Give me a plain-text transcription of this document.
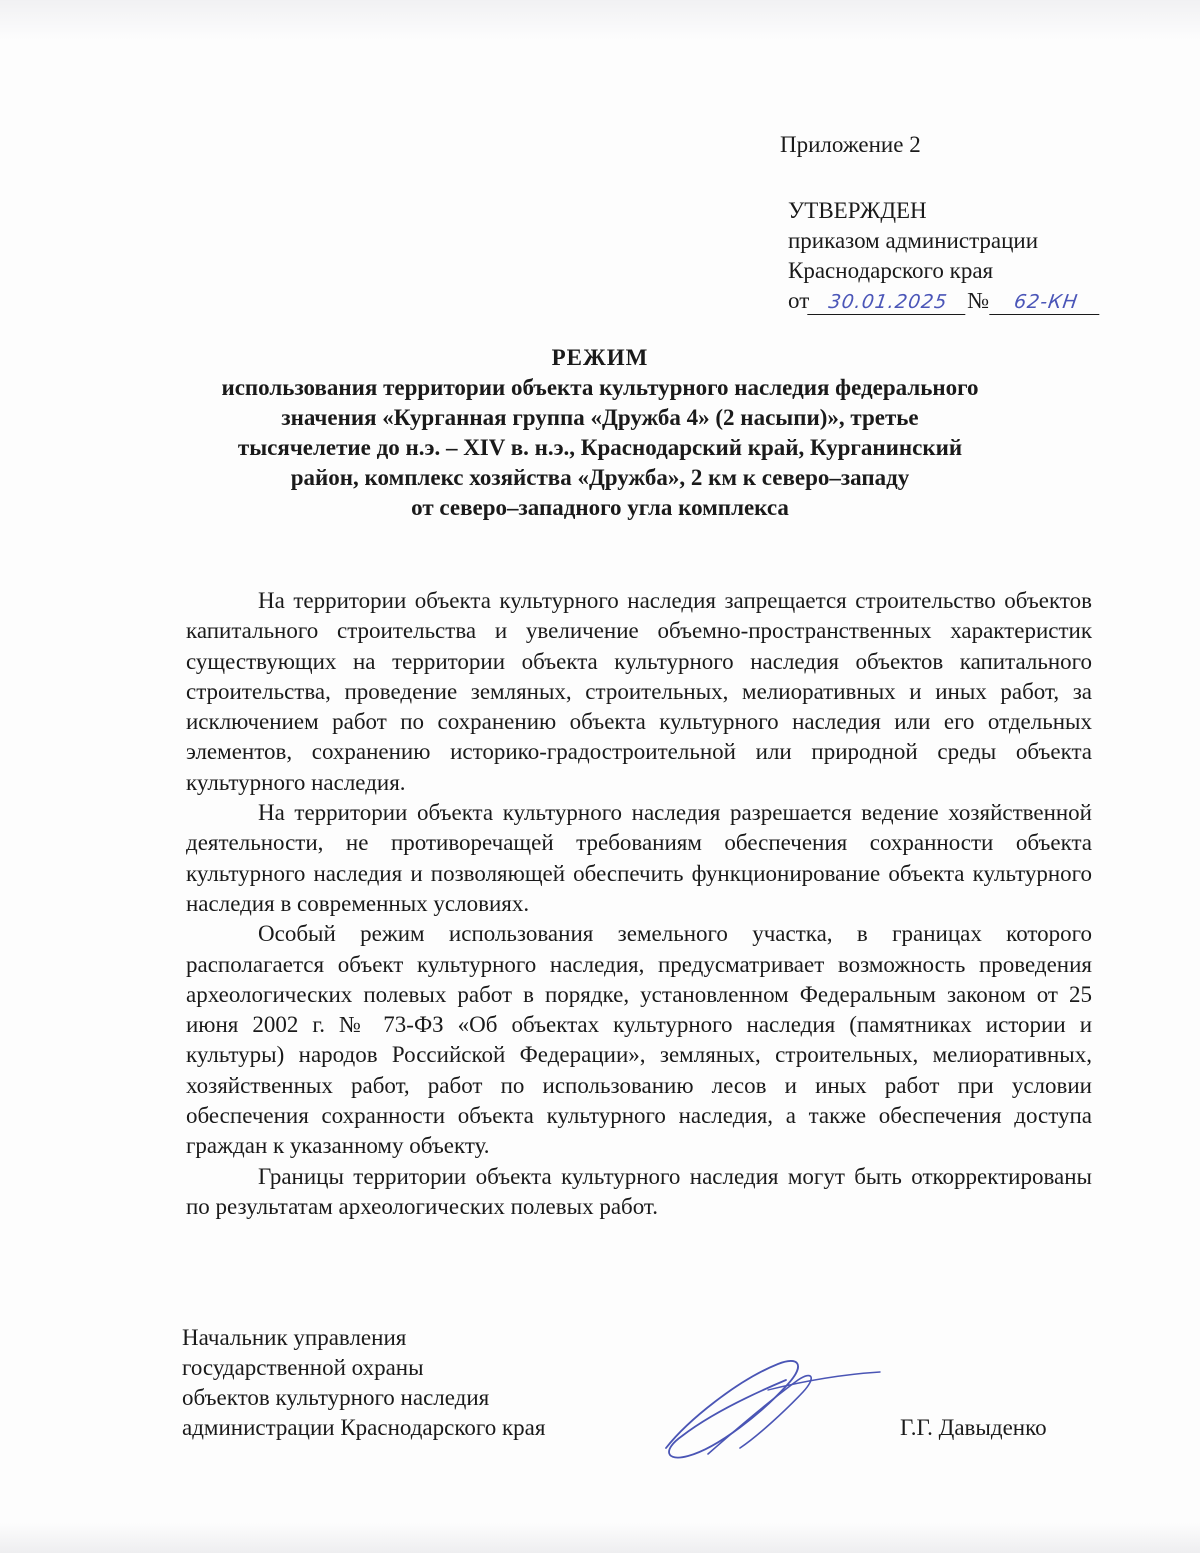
Приложение 2

УТВЕРЖДЕН
приказом администрации
Краснодарского края
от 30.01.2025 №	62-КН
РЕЖИМ
использования территории объекта культурного наследия федерального
значения «Курганная группа «Дружба 4» (2 насыпи)», третье
тысячелетие до н.э. – XIV в. н.э., Краснодарский край, Курганинский
район, комплекс хозяйства «Дружба», 2 км к северо–западу
от северо–западного угла комплекса

На территории объекта культурного наследия запрещается строительство объектов капитального строительства и увеличение объемно-пространственных характеристик существующих на территории объекта культурного наследия объектов капитального строительства, проведение земляных, строительных, мелиоративных и иных работ, за исключением работ по сохранению объекта культурного наследия или его отдельных элементов, сохранению историко-градостроительной или природной среды объекта культурного наследия.

На территории объекта культурного наследия разрешается ведение хозяйственной деятельности, не противоречащей требованиям обеспечения сохранности объекта культурного наследия и позволяющей обеспечить функционирование объекта культурного наследия в современных условиях.

Особый режим использования земельного участка, в границах которого располагается объект культурного наследия, предусматривает возможность проведения археологических полевых работ в порядке, установленном Федеральным законом от 25 июня 2002 г. № 73-ФЗ «Об объектах культурного наследия (памятниках истории и культуры) народов Российской Федерации», земляных, строительных, мелиоративных, хозяйственных работ, работ по использованию лесов и иных работ при условии обеспечения сохранности объекта культурного наследия, а также обеспечения доступа граждан к указанному объекту.

Границы территории объекта культурного наследия могут быть откорректированы по результатам археологических полевых работ.

Начальник управления
государственной охраны
объектов культурного наследия
администрации Краснодарского края	Г.Г. Давыденко
